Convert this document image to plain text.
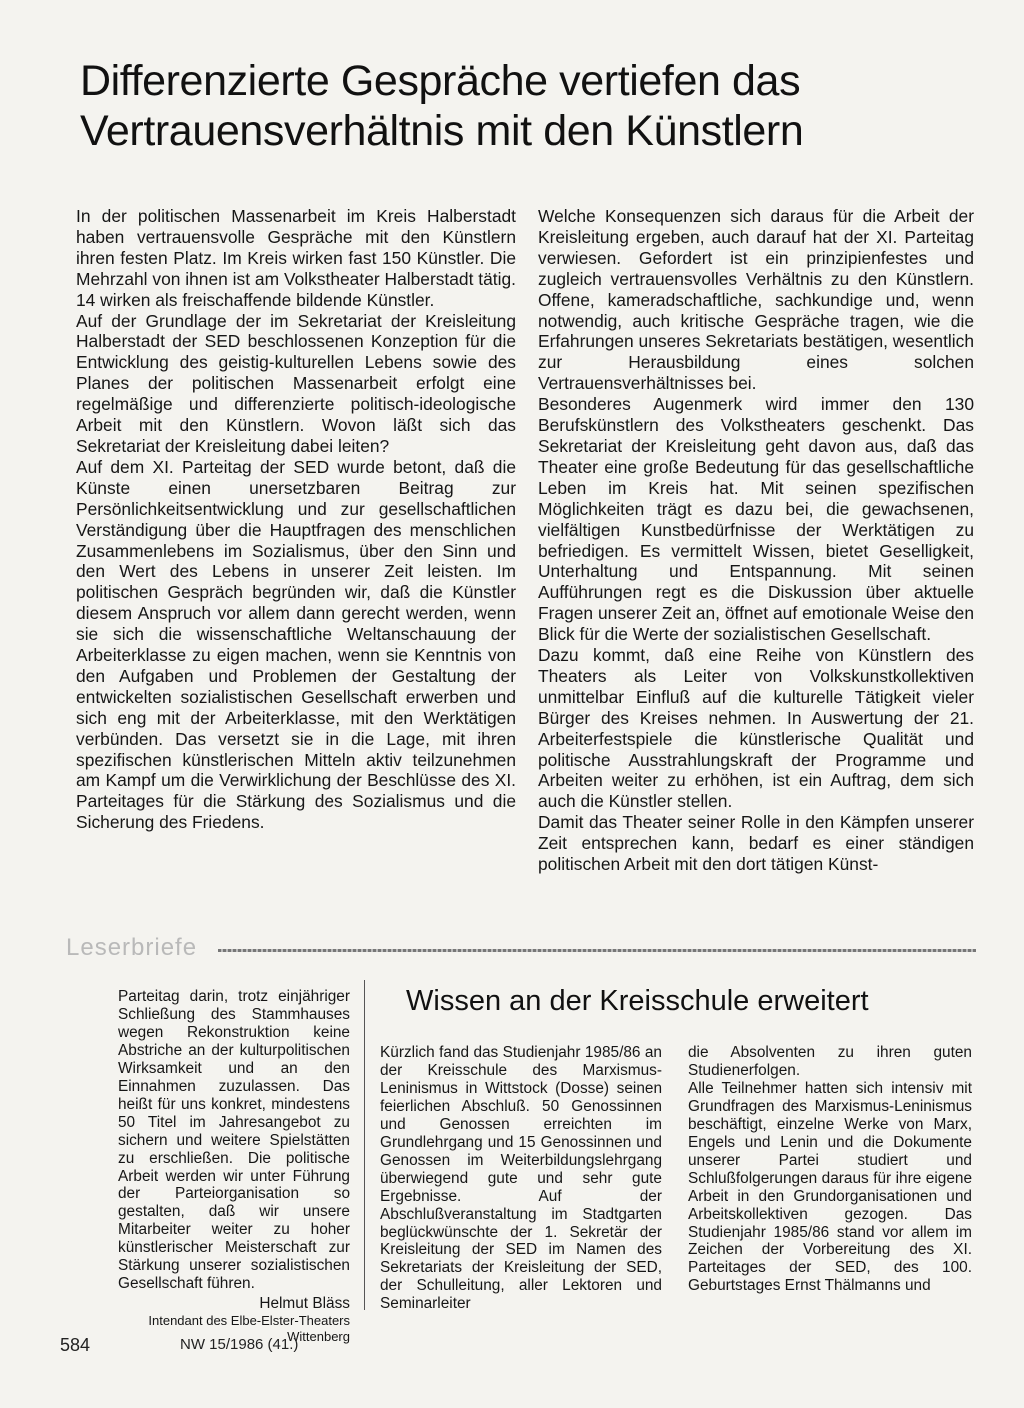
Differenzierte Gespräche vertiefen das
Vertrauensverhältnis mit den Künstlern

In der politischen Massenarbeit im Kreis Halberstadt haben vertrauensvolle Gespräche mit den Künstlern ihren festen Platz. Im Kreis wirken fast 150 Künstler. Die Mehrzahl von ihnen ist am Volkstheater Halberstadt tätig. 14 wirken als freischaffende bildende Künstler.

Auf der Grundlage der im Sekretariat der Kreisleitung Halberstadt der SED beschlossenen Konzeption für die Entwicklung des geistig-kulturellen Lebens sowie des Planes der politischen Massenarbeit erfolgt eine regelmäßige und differenzierte politisch-ideologische Arbeit mit den Künstlern. Wovon läßt sich das Sekretariat der Kreisleitung dabei leiten?

Auf dem XI. Parteitag der SED wurde betont, daß die Künste einen unersetzbaren Beitrag zur Persönlichkeitsentwicklung und zur gesellschaftlichen Verständigung über die Hauptfragen des menschlichen Zusammenlebens im Sozialismus, über den Sinn und den Wert des Lebens in unserer Zeit leisten. Im politischen Gespräch begründen wir, daß die Künstler diesem Anspruch vor allem dann gerecht werden, wenn sie sich die wissenschaftliche Weltanschauung der Arbeiterklasse zu eigen machen, wenn sie Kenntnis von den Aufgaben und Problemen der Gestaltung der entwickelten sozialistischen Gesellschaft erwerben und sich eng mit der Arbeiterklasse, mit den Werktätigen verbünden. Das versetzt sie in die Lage, mit ihren spezifischen künstlerischen Mitteln aktiv teilzunehmen am Kampf um die Verwirklichung der Beschlüsse des XI. Parteitages für die Stärkung des Sozialismus und die Sicherung des Friedens.

Welche Konsequenzen sich daraus für die Arbeit der Kreisleitung ergeben, auch darauf hat der XI. Parteitag verwiesen. Gefordert ist ein prinzipienfestes und zugleich vertrauensvolles Verhältnis zu den Künstlern. Offene, kameradschaftliche, sachkundige und, wenn notwendig, auch kritische Gespräche tragen, wie die Erfahrungen unseres Sekretariats bestätigen, wesentlich zur Herausbildung eines solchen Vertrauensverhältnisses bei.

Besonderes Augenmerk wird immer den 130 Berufskünstlern des Volkstheaters geschenkt. Das Sekretariat der Kreisleitung geht davon aus, daß das Theater eine große Bedeutung für das gesellschaftliche Leben im Kreis hat. Mit seinen spezifischen Möglichkeiten trägt es dazu bei, die gewachsenen, vielfältigen Kunstbedürfnisse der Werktätigen zu befriedigen. Es vermittelt Wissen, bietet Geselligkeit, Unterhaltung und Entspannung. Mit seinen Aufführungen regt es die Diskussion über aktuelle Fragen unserer Zeit an, öffnet auf emotionale Weise den Blick für die Werte der sozialistischen Gesellschaft.

Dazu kommt, daß eine Reihe von Künstlern des Theaters als Leiter von Volkskunstkollektiven unmittelbar Einfluß auf die kulturelle Tätigkeit vieler Bürger des Kreises nehmen. In Auswertung der 21. Arbeiterfestspiele die künstlerische Qualität und politische Ausstrahlungskraft der Programme und Arbeiten weiter zu erhöhen, ist ein Auftrag, dem sich auch die Künstler stellen.

Damit das Theater seiner Rolle in den Kämpfen unserer Zeit entsprechen kann, bedarf es einer ständigen politischen Arbeit mit den dort tätigen Künst-

Leserbriefe

Parteitag darin, trotz einjähriger Schließung des Stammhauses wegen Rekonstruktion keine Abstriche an der kulturpolitischen Wirksamkeit und an den Einnahmen zuzulassen. Das heißt für uns konkret, mindestens 50 Titel im Jahresangebot zu sichern und weitere Spielstätten zu erschließen. Die politische Arbeit werden wir unter Führung der Parteiorganisation so gestalten, daß wir unsere Mitarbeiter weiter zu hoher künstlerischer Meisterschaft zur Stärkung unserer sozialistischen Gesellschaft führen.

Helmut Bläss

Intendant des Elbe-Elster-Theaters

Wittenberg

Wissen an der Kreisschule erweitert

Kürzlich fand das Studienjahr 1985/86 an der Kreisschule des Marxismus-Leninismus in Wittstock (Dosse) seinen feierlichen Abschluß. 50 Genossinnen und Genossen erreichten im Grundlehrgang und 15 Genossinnen und Genossen im Weiterbildungslehrgang überwiegend gute und sehr gute Ergebnisse. Auf der Abschlußveranstaltung im Stadtgarten beglückwünschte der 1. Sekretär der Kreisleitung der SED im Namen des Sekretariats der Kreisleitung der SED, der Schulleitung, aller Lektoren und Seminarleiter

die Absolventen zu ihren guten Studienerfolgen.

Alle Teilnehmer hatten sich intensiv mit Grundfragen des Marxismus-Leninismus beschäftigt, einzelne Werke von Marx, Engels und Lenin und die Dokumente unserer Partei studiert und Schlußfolgerungen daraus für ihre eigene Arbeit in den Grundorganisationen und Arbeitskollektiven gezogen. Das Studienjahr 1985/86 stand vor allem im Zeichen der Vorbereitung des XI. Parteitages der SED, des 100. Geburtstages Ernst Thälmanns und

584	NW 15/1986 (41.)
